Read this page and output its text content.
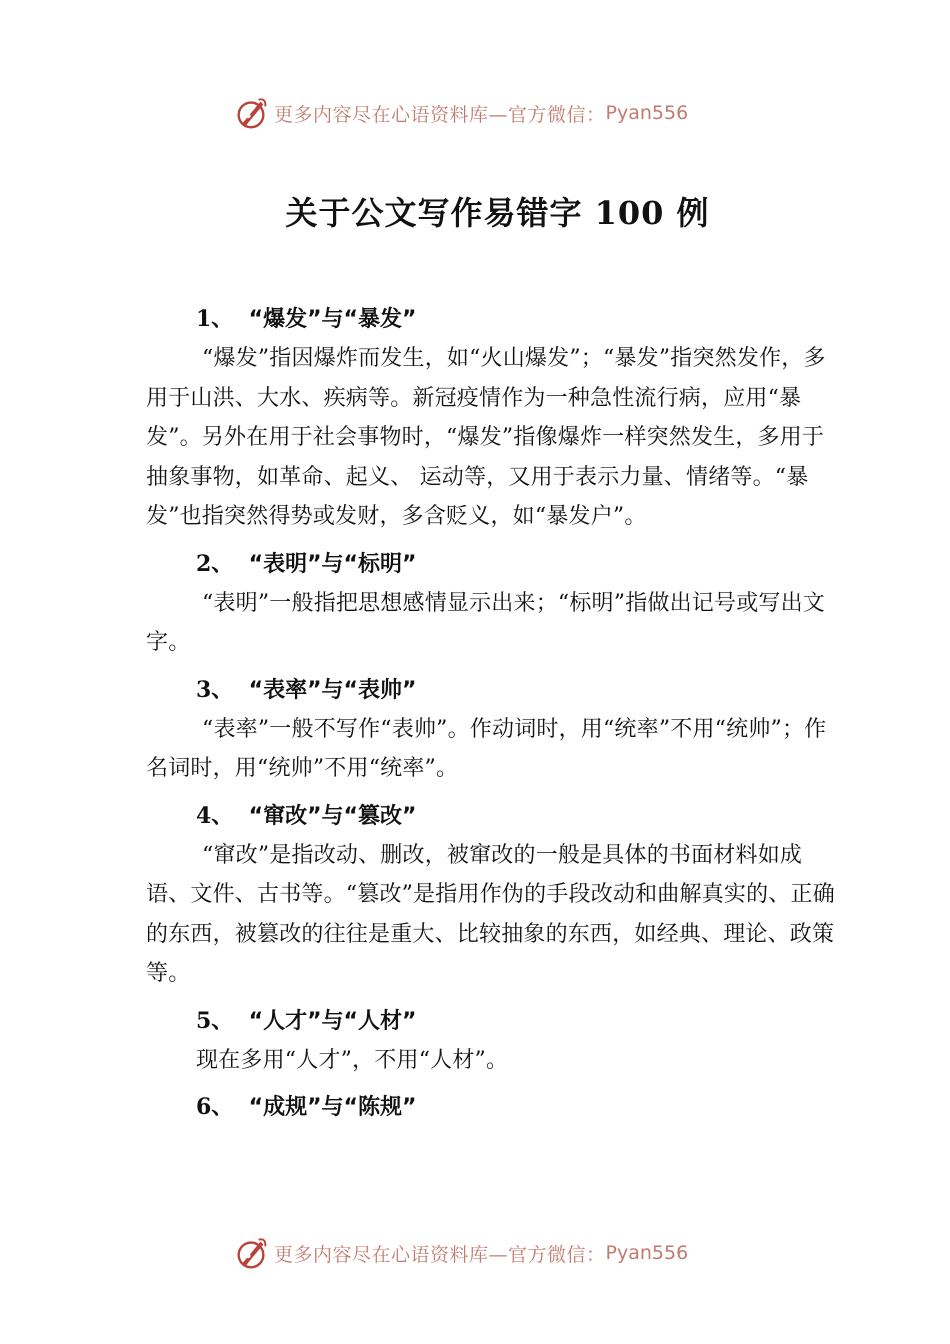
更多内容尽在心语资料库—官方微信： Pyan556
关于公文写作易错字 100 例
1、 “爆发”与“暴发”

“爆发”指因爆炸而发生，如“火山爆发”；“暴发”指突然发作，多用于山洪、大水、疾病等。新冠疫情作为一种急性流行病，应用“暴发”。另外在用于社会事物时，“爆发”指像爆炸一样突然发生，多用于抽象事物，如革命、起义、 运动等，又用于表示力量、情绪等。“暴发”也指突然得势或发财，多含贬义，如“暴发户”。

2、 “表明”与“标明”

“表明”一般指把思想感情显示出来；“标明”指做出记号或写出文字。

3、 “表率”与“表帅”

“表率”一般不写作“表帅”。作动词时，用“统率”不用“统帅”；作名词时，用“统帅”不用“统率”。

4、 “窜改”与“篡改”

“窜改”是指改动、删改，被窜改的一般是具体的书面材料如成语、文件、古书等。“篡改”是指用作伪的手段改动和曲解真实的、正确的东西，被篡改的往往是重大、比较抽象的东西，如经典、理论、政策等。

5、 “人才”与“人材”

现在多用“人才”，不用“人材”。

6、 “成规”与“陈规”
更多内容尽在心语资料库—官方微信： Pyan556
